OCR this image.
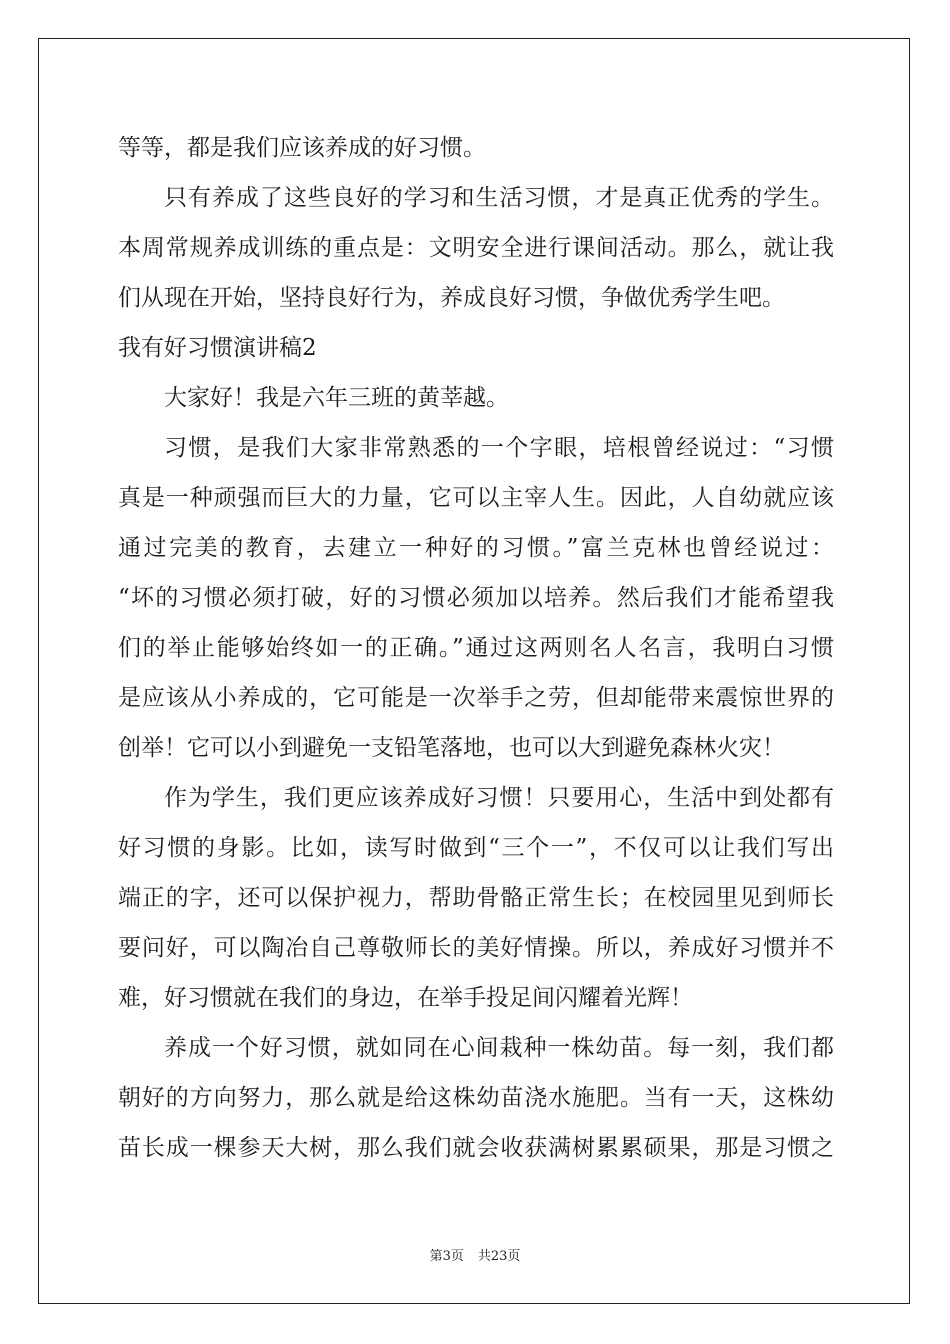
等等，都是我们应该养成的好习惯。
只有养成了这些良好的学习和生活习惯，才是真正优秀的学生。
本周常规养成训练的重点是：文明安全进行课间活动。那么，就让我
们从现在开始，坚持良好行为，养成良好习惯，争做优秀学生吧。
我有好习惯演讲稿2
大家好！我是六年三班的黄莘越。
习惯，是我们大家非常熟悉的一个字眼，培根曾经说过：“习惯
真是一种顽强而巨大的力量，它可以主宰人生。因此，人自幼就应该
通过完美的教育，去建立一种好的习惯。”富兰克林也曾经说过：
“坏的习惯必须打破，好的习惯必须加以培养。然后我们才能希望我
们的举止能够始终如一的正确。”通过这两则名人名言，我明白习惯
是应该从小养成的，它可能是一次举手之劳，但却能带来震惊世界的
创举！它可以小到避免一支铅笔落地，也可以大到避免森林火灾！
作为学生，我们更应该养成好习惯！只要用心，生活中到处都有
好习惯的身影。比如，读写时做到“三个一”，不仅可以让我们写出
端正的字，还可以保护视力，帮助骨骼正常生长；在校园里见到师长
要问好，可以陶冶自己尊敬师长的美好情操。所以，养成好习惯并不
难，好习惯就在我们的身边，在举手投足间闪耀着光辉！
养成一个好习惯，就如同在心间栽种一株幼苗。每一刻，我们都
朝好的方向努力，那么就是给这株幼苗浇水施肥。当有一天，这株幼
苗长成一棵参天大树，那么我们就会收获满树累累硕果，那是习惯之
第3页 共23页
